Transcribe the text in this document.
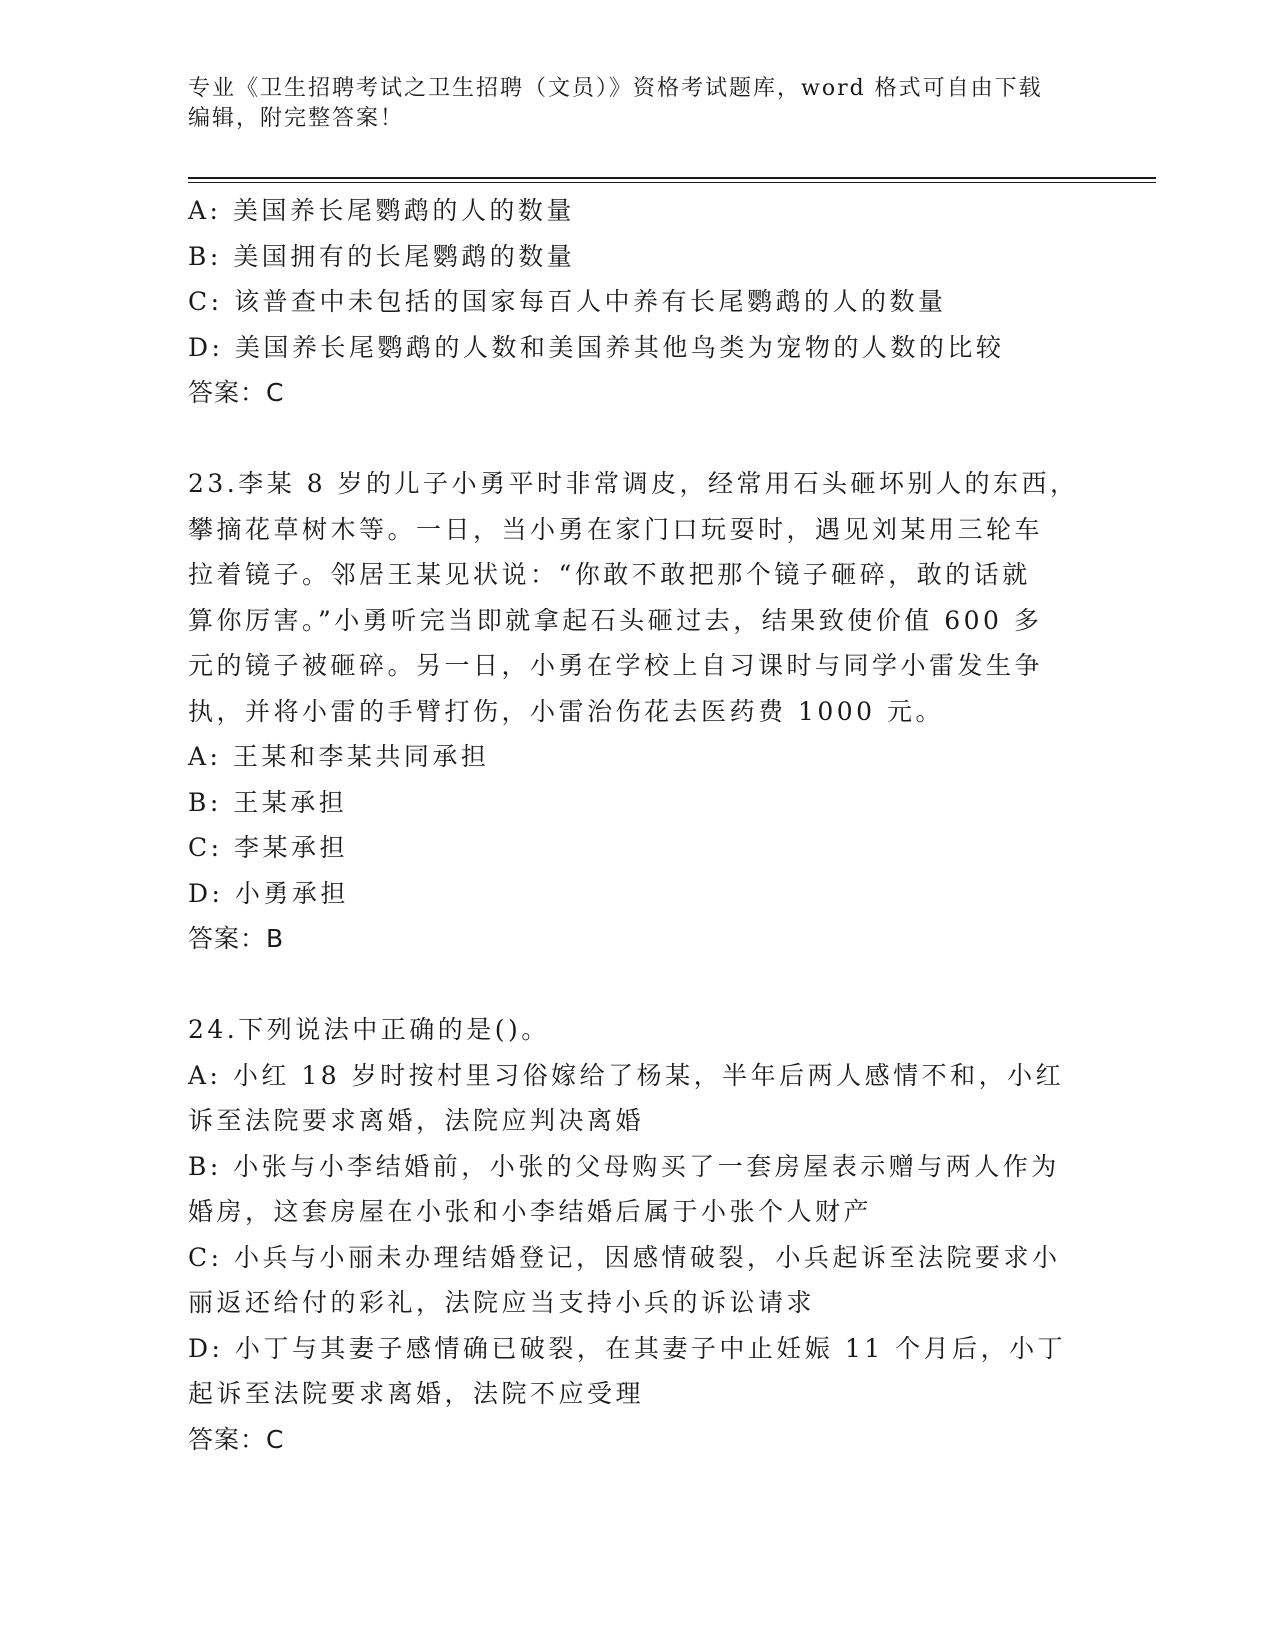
专业《卫生招聘考试之卫生招聘（文员）》资格考试题库，word 格式可自由下载
编辑，附完整答案！
A: 美国养长尾鹦鹉的人的数量
B: 美国拥有的长尾鹦鹉的数量
C: 该普查中未包括的国家每百人中养有长尾鹦鹉的人的数量
D: 美国养长尾鹦鹉的人数和美国养其他鸟类为宠物的人数的比较
答案：C
23.李某 8 岁的儿子小勇平时非常调皮，经常用石头砸坏别人的东西，
攀摘花草树木等。一日，当小勇在家门口玩耍时，遇见刘某用三轮车
拉着镜子。邻居王某见状说：“你敢不敢把那个镜子砸碎，敢的话就
算你厉害。”小勇听完当即就拿起石头砸过去，结果致使价值 600 多
元的镜子被砸碎。另一日，小勇在学校上自习课时与同学小雷发生争
执，并将小雷的手臂打伤，小雷治伤花去医药费 1000 元。
A: 王某和李某共同承担
B: 王某承担
C: 李某承担
D: 小勇承担
答案：B
24.下列说法中正确的是()。
A: 小红 18 岁时按村里习俗嫁给了杨某，半年后两人感情不和，小红
诉至法院要求离婚，法院应判决离婚
B: 小张与小李结婚前，小张的父母购买了一套房屋表示赠与两人作为
婚房，这套房屋在小张和小李结婚后属于小张个人财产
C: 小兵与小丽未办理结婚登记，因感情破裂，小兵起诉至法院要求小
丽返还给付的彩礼，法院应当支持小兵的诉讼请求
D: 小丁与其妻子感情确已破裂，在其妻子中止妊娠 11 个月后，小丁
起诉至法院要求离婚，法院不应受理
答案：C
